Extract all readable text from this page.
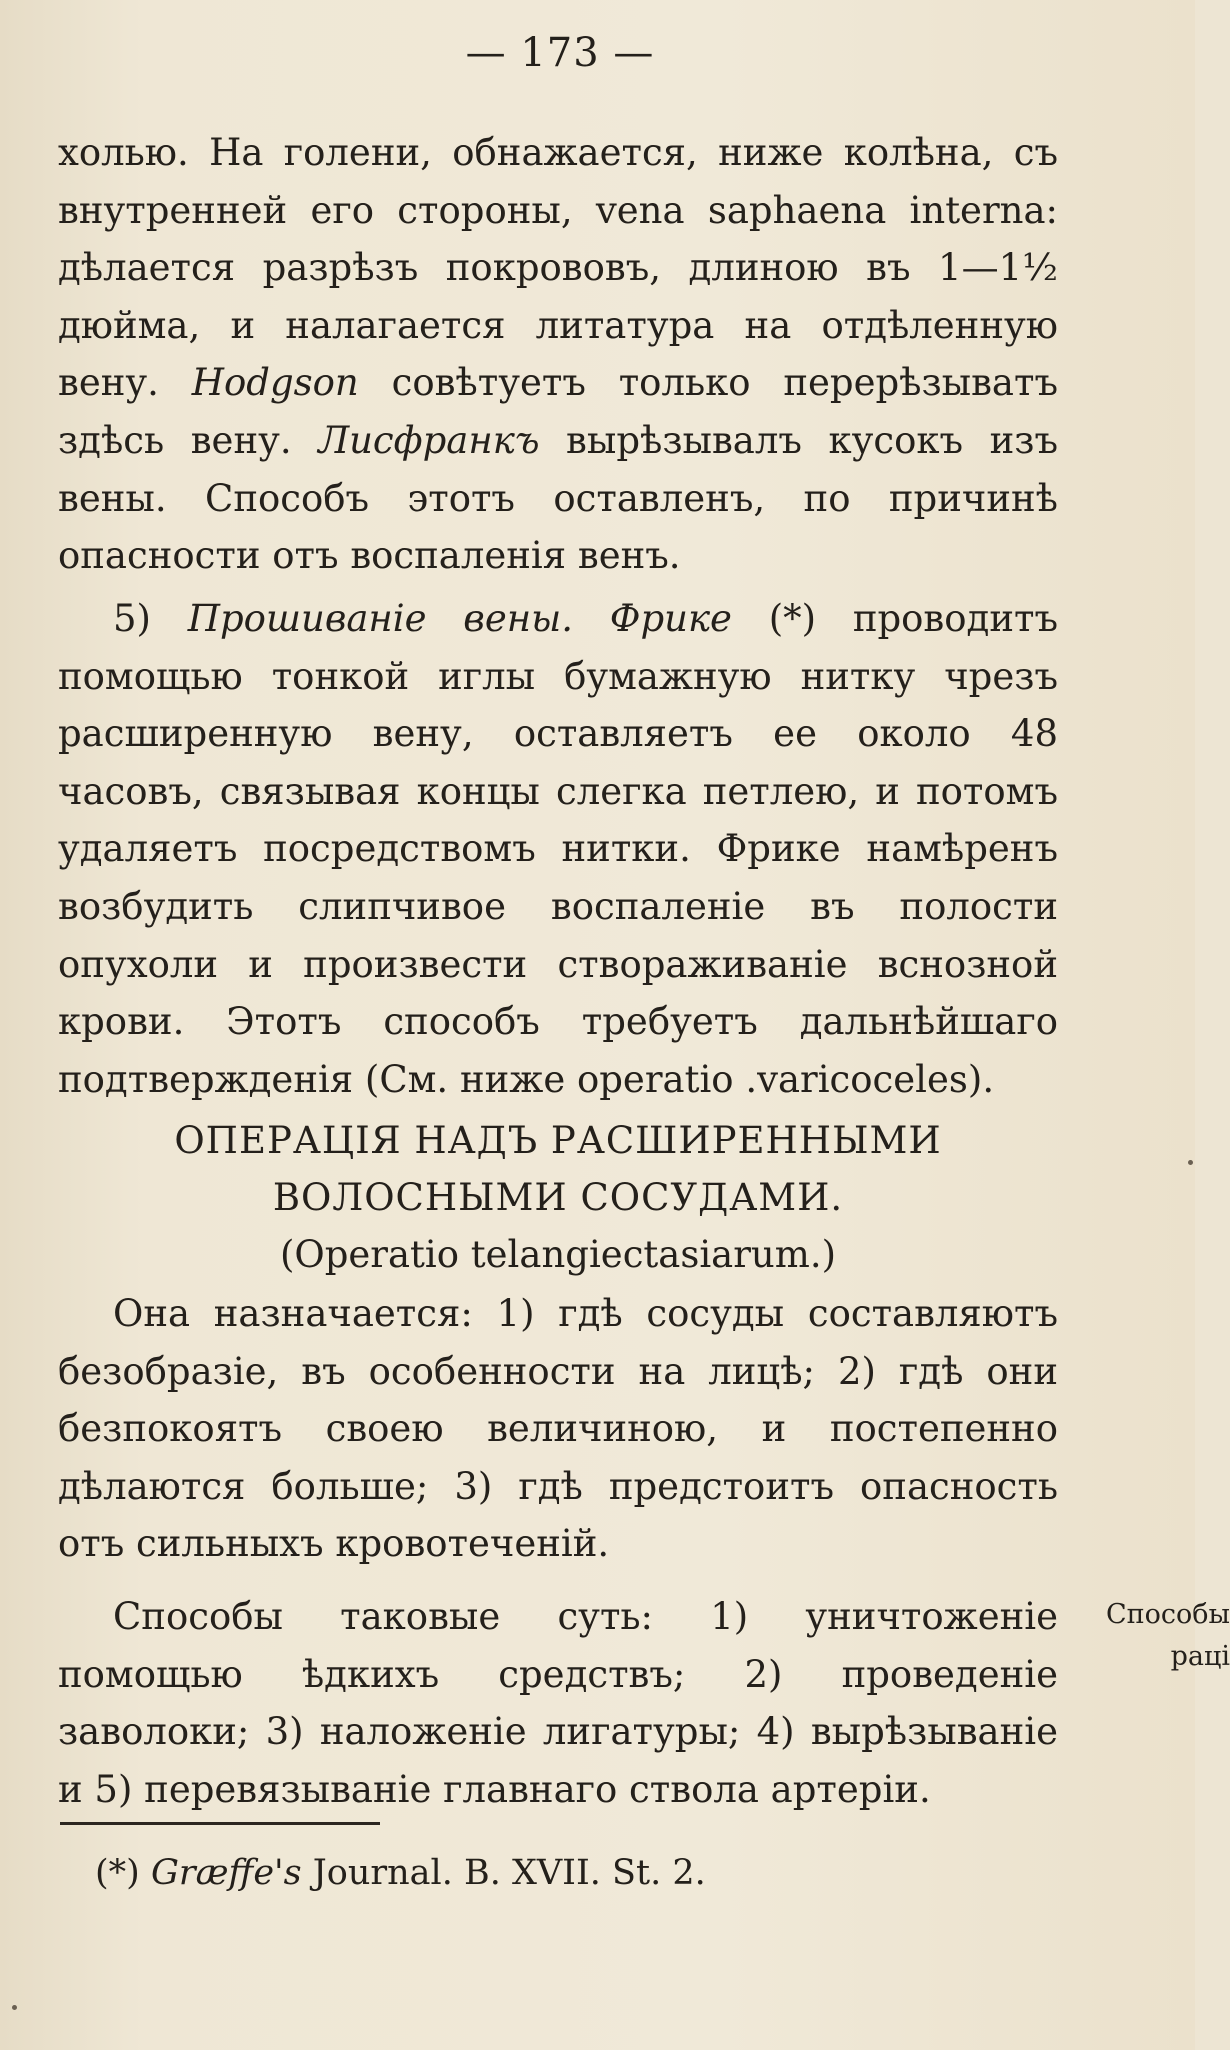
— 173 —
холью. На голени, обнажается, ниже колѣна, съ внутренней его стороны, vena saphaena interna: дѣлается разрѣзъ покрововъ, длиною въ 1—1½ дюйма, и налагается литатура на отдѣленную вену. Hodgson совѣтуетъ только перерѣзыватъ здѣсь вену. Лисфранкъ вырѣзывалъ кусокъ изъ вены. Способъ этотъ оставленъ, по причинѣ опасности отъ воспаленія венъ.
5) Прошиваніе вены. Фрике (*) проводитъ помощью тонкой иглы бумажную нитку чрезъ расширенную вену, оставляетъ ее около 48 часовъ, связывая концы слегка петлею, и потомъ удаляетъ посредствомъ нитки. Фрике намѣренъ возбудить слипчивое воспаленіе въ полости опухоли и произвести створаживаніе вснозной крови. Этотъ способъ требуетъ дальнѣйшаго подтвержденія (См. ниже operatio .varicoceles).
ОПЕРАЦІЯ НАДЪ РАСШИРЕННЫМИ ВОЛОСНЫМИ СОСУДАМИ.
(Operatio telangiectasiarum.)
Она назначается: 1) гдѣ сосуды составляютъ безобразіе, въ особенности на лицѣ; 2) гдѣ они безпокоятъ своею величиною, и постепенно дѣлаются больше; 3) гдѣ предстоитъ опасность отъ сильныхъ кровотеченій.
Способы таковые суть: 1) уничтоженіе помощью ѣдкихъ средствъ; 2) проведеніе заволоки; 3) наложеніе лигатуры; 4) вырѣзываніе и 5) перевязываніе главнаго ствола артеріи.
Способы
раці
(*) Græffe's Journal. B. XVII. St. 2.
